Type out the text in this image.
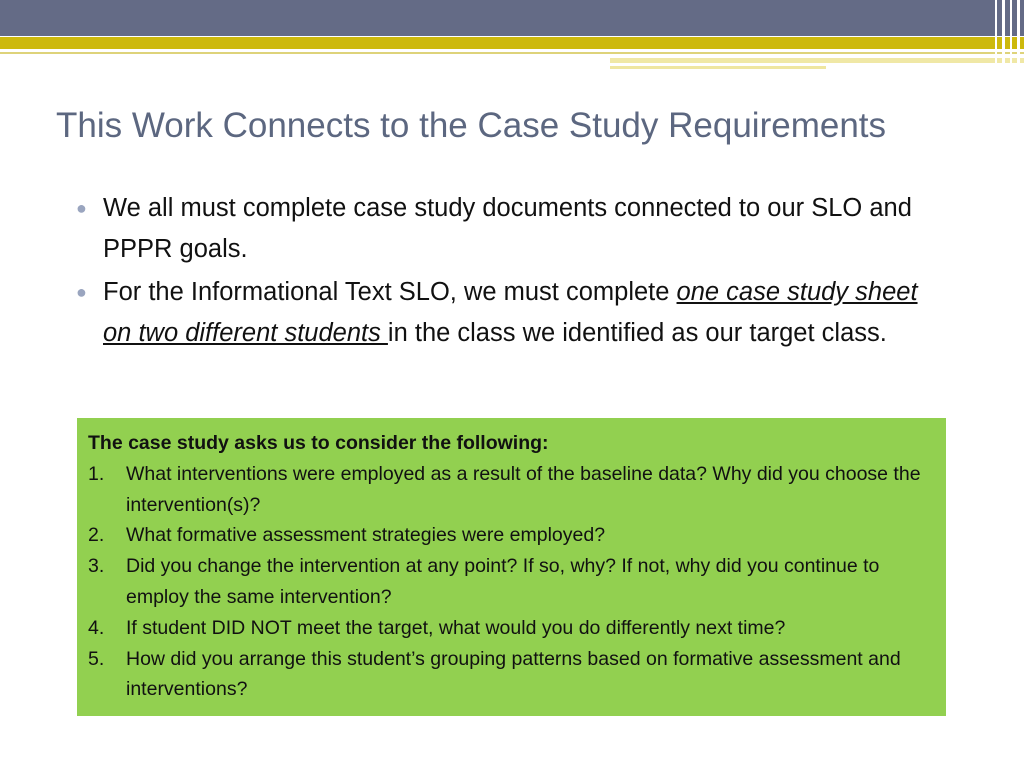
This Work Connects to the Case Study Requirements
● We all must complete case study documents connected to our SLO and PPPR goals.
● For the Informational Text SLO, we must complete one case study sheet on two different students in the class we identified as our target class.
The case study asks us to consider the following:
1. What interventions were employed as a result of the baseline data? Why did you choose the intervention(s)?
2. What formative assessment strategies were employed?
3. Did you change the intervention at any point? If so, why? If not, why did you continue to employ the same intervention?
4. If student DID NOT meet the target, what would you do differently next time?
5. How did you arrange this student’s grouping patterns based on formative assessment and interventions?
